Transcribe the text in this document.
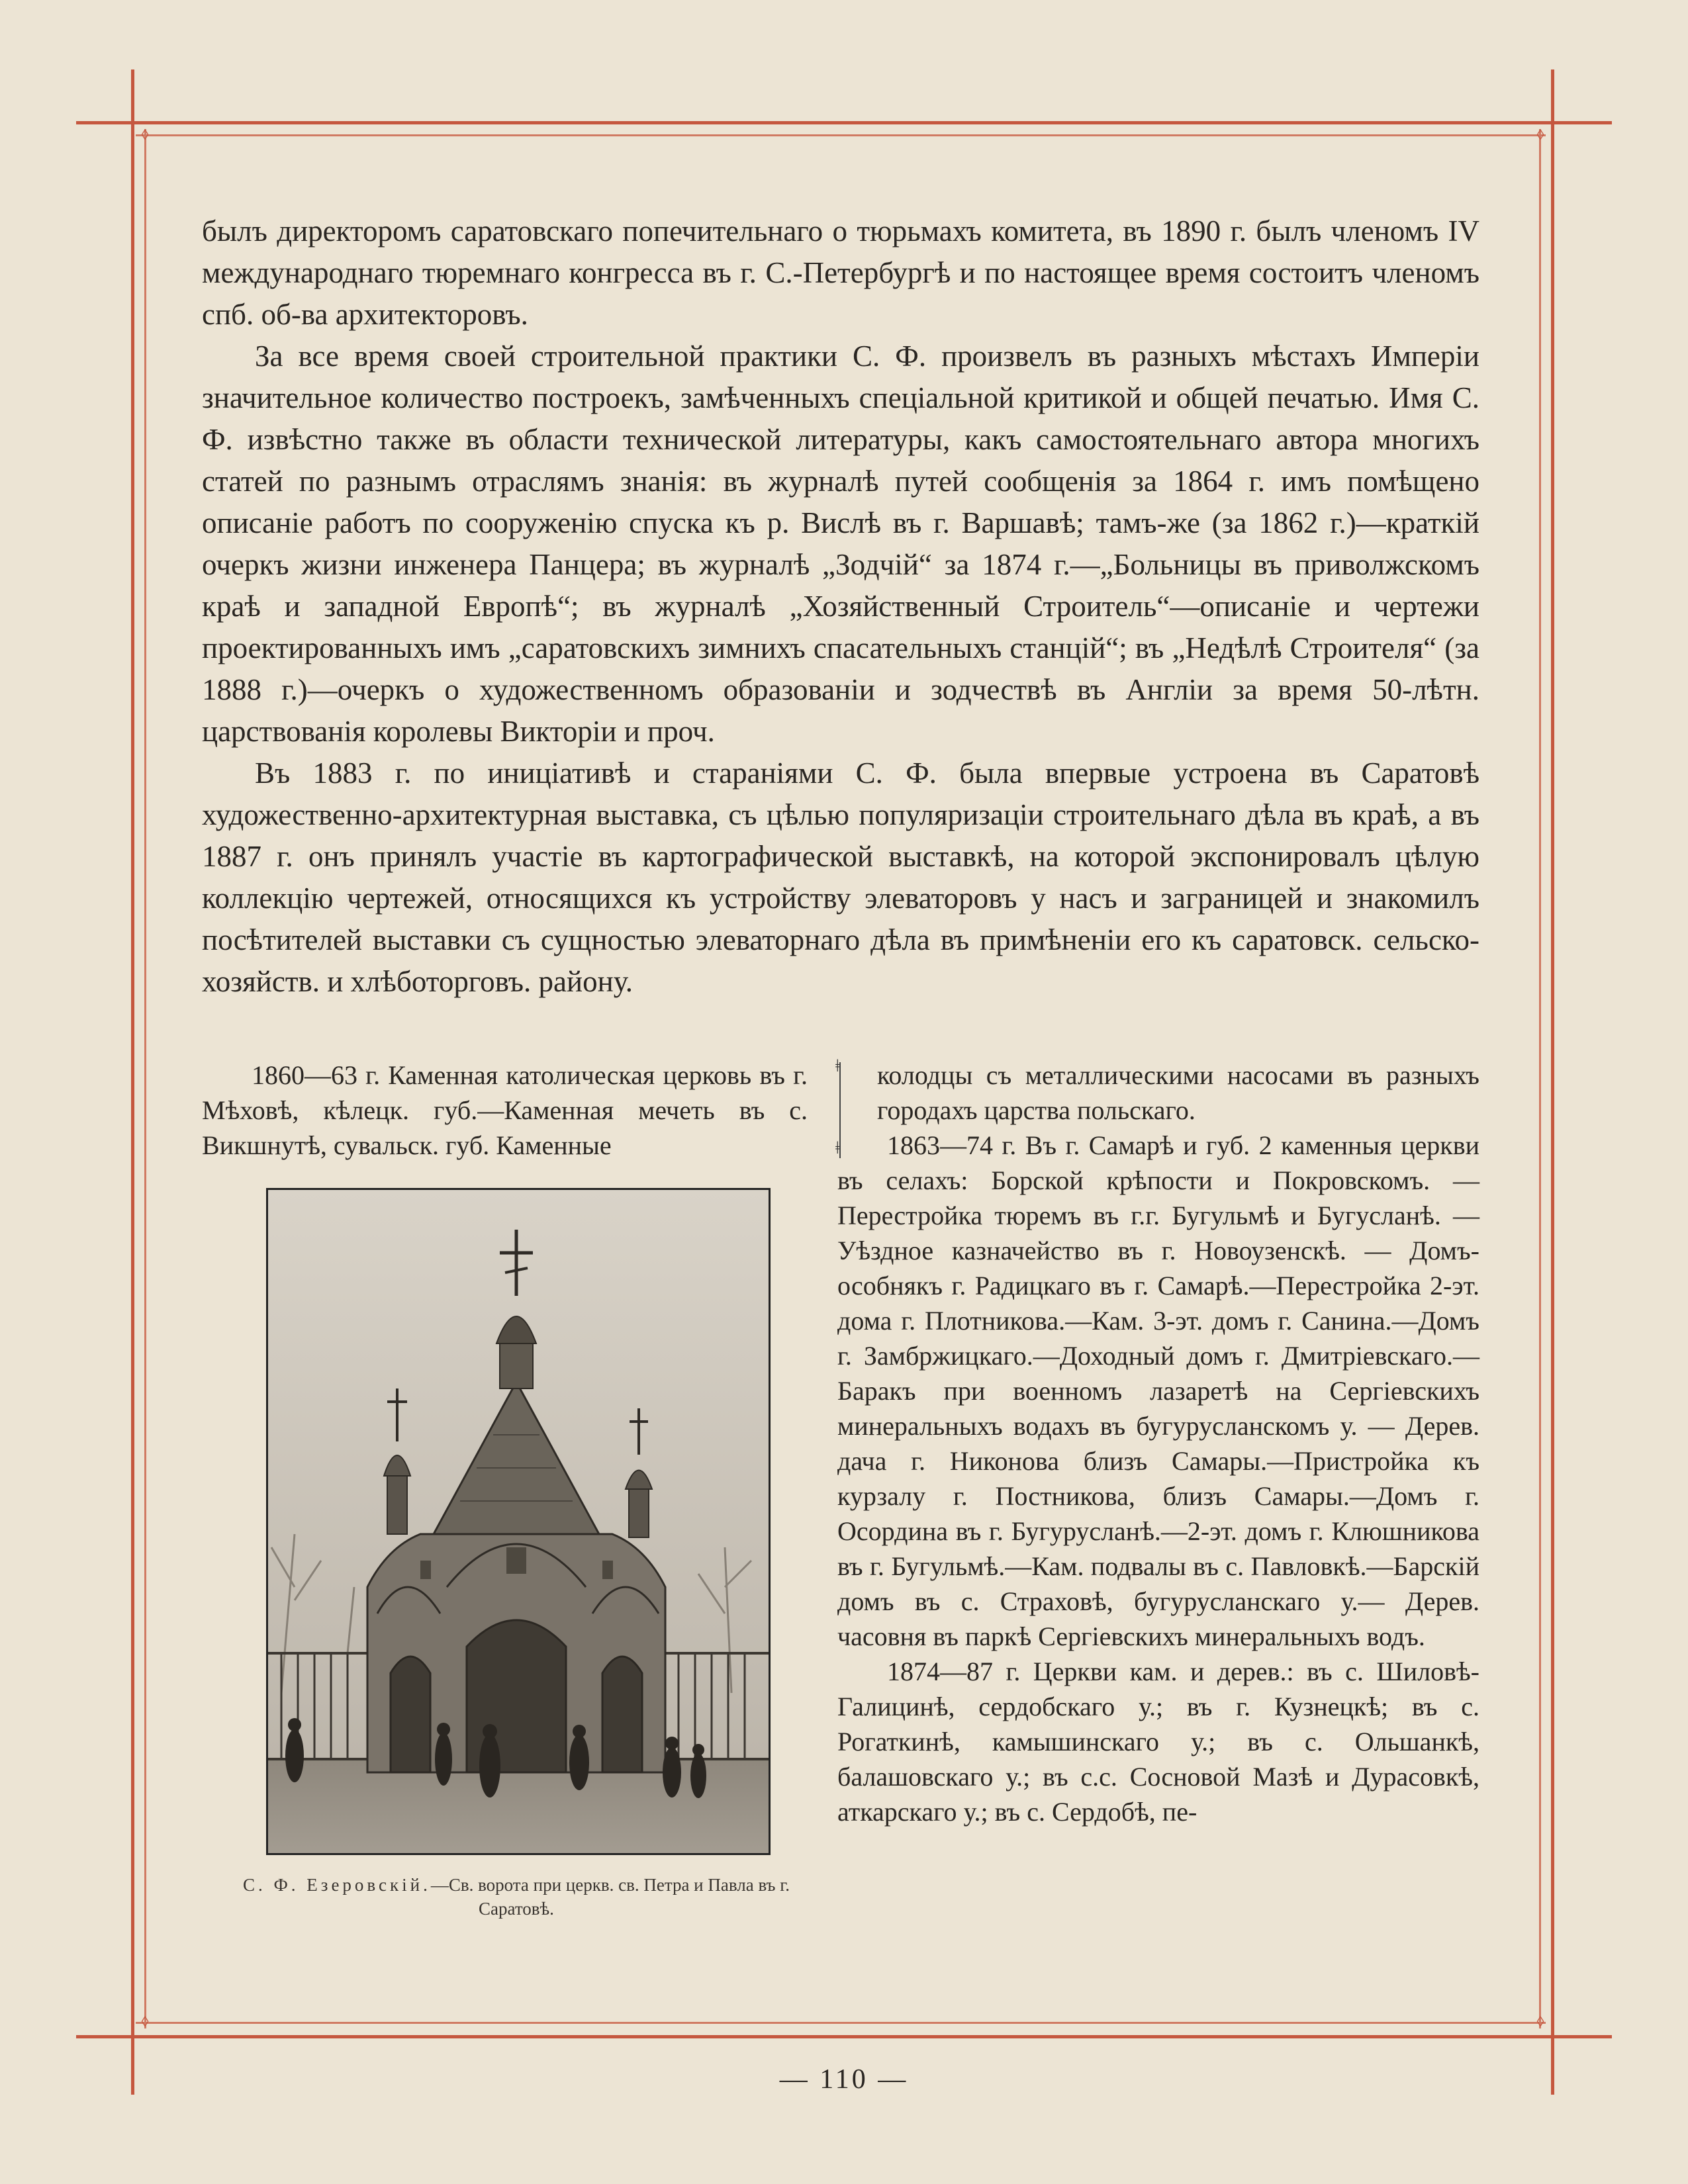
◊	◊
◊	◊

былъ директоромъ саратовскаго попечительнаго о тюрьмахъ комитета, въ 1890 г. былъ членомъ IV международнаго тюремнаго конгресса въ г. С.-Петербургѣ и по настоящее время состоитъ членомъ спб. об-ва архитекторовъ.

За все время своей строительной практики С. Ф. произвелъ въ разныхъ мѣстахъ Имперіи значительное количество построекъ, замѣченныхъ спеціальной критикой и общей печатью. Имя С. Ф. извѣстно также въ области технической литературы, какъ самостоятельнаго автора многихъ статей по разнымъ отраслямъ знанія: въ журналѣ путей сообщенія за 1864 г. имъ помѣщено описаніе работъ по сооруженію спуска къ р. Вислѣ въ г. Варшавѣ; тамъ-же (за 1862 г.)—краткій очеркъ жизни инженера Панцера; въ журналѣ „Зодчій“ за 1874 г.—„Больницы въ приволжскомъ краѣ и западной Европѣ“; въ журналѣ „Хозяйственный Строитель“—описаніе и чертежи проектированныхъ имъ „саратовскихъ зимнихъ спасательныхъ станцій“; въ „Недѣлѣ Строителя“ (за 1888 г.)—очеркъ о художественномъ образованіи и зодчествѣ въ Англіи за время 50-лѣтн. царствованія королевы Викторіи и проч.

Въ 1883 г. по иниціативѣ и стараніями С. Ф. была впервые устроена въ Саратовѣ художественно-архитектурная выставка, съ цѣлью популяризаціи строительнаго дѣла въ краѣ, а въ 1887 г. онъ принялъ участіе въ картографической выставкѣ, на которой экспонировалъ цѣлую коллекцію чертежей, относящихся къ устройству элеваторовъ у насъ и заграницей и знакомилъ посѣтителей выставки съ сущностью элеваторнаго дѣла въ примѣненіи его къ саратовск. сельско-хозяйств. и хлѣботорговъ. району.

1860—63 г. Каменная католическая церковь въ г. Мѣховѣ, кѣлецк. губ.—Каменная мечеть въ с. Викшнутѣ, сувальск. губ. Каменные

С. Ф. Езеровскій.—Св. ворота при церкв. св. Петра и Павла въ г. Саратовѣ.
ǂ
ǂ

колодцы съ металлическими насосами въ разныхъ городахъ царства польскаго.

1863—74 г. Въ г. Самарѣ и губ. 2 каменныя церкви въ селахъ: Борской крѣпости и Покровскомъ. — Перестройка тюремъ въ г.г. Бугульмѣ и Бугусланѣ. — Уѣздное казначейство въ г. Новоузенскѣ. — Домъ-особнякъ г. Радицкаго въ г. Самарѣ.—Перестройка 2-эт. дома г. Плотникова.—Кам. 3-эт. домъ г. Санина.—Домъ г. Замбржицкаго.—Доходный домъ г. Дмитріевскаго.—Баракъ при военномъ лазаретѣ на Сергіевскихъ минеральныхъ водахъ въ бугурусланскомъ у. — Дерев. дача г. Никонова близъ Самары.—Пристройка къ курзалу г. Постникова, близъ Самары.—Домъ г. Осордина въ г. Бугурусланѣ.—2-эт. домъ г. Клюшникова въ г. Бугульмѣ.—Кам. подвалы въ с. Павловкѣ.—Барскій домъ въ с. Страховѣ, бугурусланскаго у.— Дерев. часовня въ паркѣ Сергіевскихъ минеральныхъ водъ.

1874—87 г. Церкви кам. и дерев.: въ с. Шиловѣ-Галицинѣ, сердобскаго у.; въ г. Кузнецкѣ; въ с. Рогаткинѣ, камышинскаго у.; въ с. Ольшанкѣ, балашовскаго у.; въ с.с. Сосновой Мазѣ и Дурасовкѣ, аткарскаго у.; въ с. Сердобѣ, пе-

— 110 —
